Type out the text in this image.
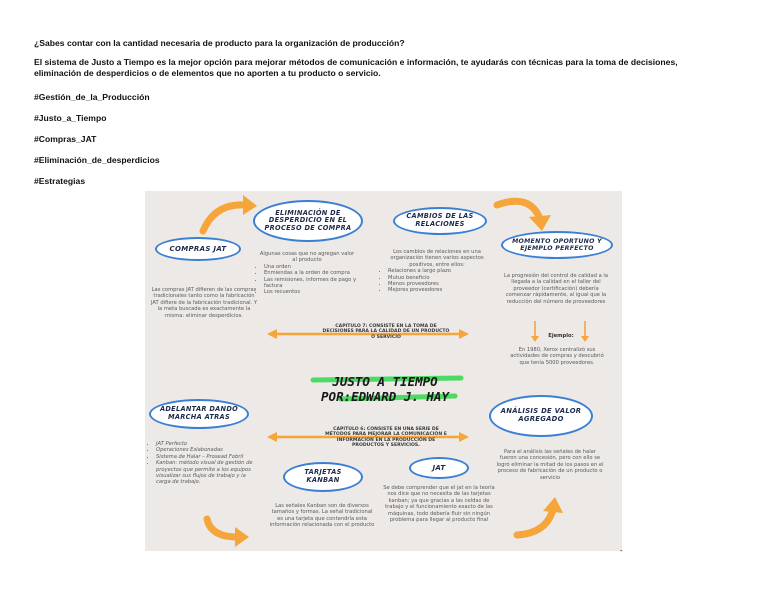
¿Sabes contar con la cantidad necesaria de producto para la organización de producción?
El sistema de Justo a Tiempo es la mejor opción para mejorar métodos de comunicación e información, te ayudarás con técnicas para la toma de decisiones,
eliminación de desperdicios o de elementos que no aporten a tu producto o servicio.
#Gestión_de_la_Producción
#Justo_a_Tiempo
#Compras_JAT
#Eliminación_de_desperdicios
#Estrategias
JUSTO A TIEMPO
POR:EDWARD J. HAY
CAPITULO 7: CONSISTE EN LA TOMA DE DECISIONES PARA LA CALIDAD DE UN PRODUCTO O SERVICIO
CAPITULO 6: CONSISTE EN UNA SERIE DE MÉTODOS PARA MEJORAR LA COMUNICACIÓN E INFORMACIÓN EN LA PRODUCCIÓN DE PRODUCTOS Y SERVICIOS.
COMPRAS JAT
Las compras JAT difieren de las compras tradicionales tanto como la fabricación JAT difiere de la fabricación tradicional. Y la meta buscada es exactamente la misma: eliminar desperdicios.
ELIMINACIÓN DE DESPERDICIO EN EL PROCESO DE COMPRA
Algunas cosas que no agregan valor al producto
• Una orden
• Enmiendas a la orden de compra
• Las remisiones, informes de pago y factura
• Los recuentos
CAMBIOS DE LAS RELACIONES
Los cambios de relaciones en una organización tienen varios aspectos positivos, entre ellos:
• Relaciones a largo plazo
• Mutuo beneficio
• Menos proveedores
• Mejores proveedores
MOMENTO OPORTUNO Y EJEMPLO PERFECTO
La progresión del control de calidad a la llegada a la calidad en el taller del proveedor (certificación) debería comenzar rápidamente, al igual que la reducción del número de proveedores
Ejemplo:
En 1980, Xerox centralizó sus actividades de compras y descubrió que tenía 5000 proveedores.
ADELANTAR DANDO MARCHA ATRAS
• JAT Perfecto
• Operaciones Eslabonadas
• Sistema de Halar – Prosead Fobril
• Kanban: método visual de gestión de proyectos que permite a los equipos visualizar sus flujos de trabajo y la carga de trabajo.
TARJETAS KANBAN
Las señales Kanban son de diversos tamaños y formas. La señal tradicional es una tarjeta que contendría esta información relacionada con el producto
JAT
Se debe comprender que el jat en la teoría nos dice que no necesita de las tarjetas kanban; ya que gracias a las celdas de trabajo y el funcionamiento exacto de las máquinas, todo debería fluir sin ningún problema para llegar al producto final
ANÁLISIS DE VALOR AGREGADO
Para el análisis las señales de halar fueron una concesión, pero con ello se logró eliminar la mitad de los pasos en el proceso de fabricación de un producto o servicio
-
